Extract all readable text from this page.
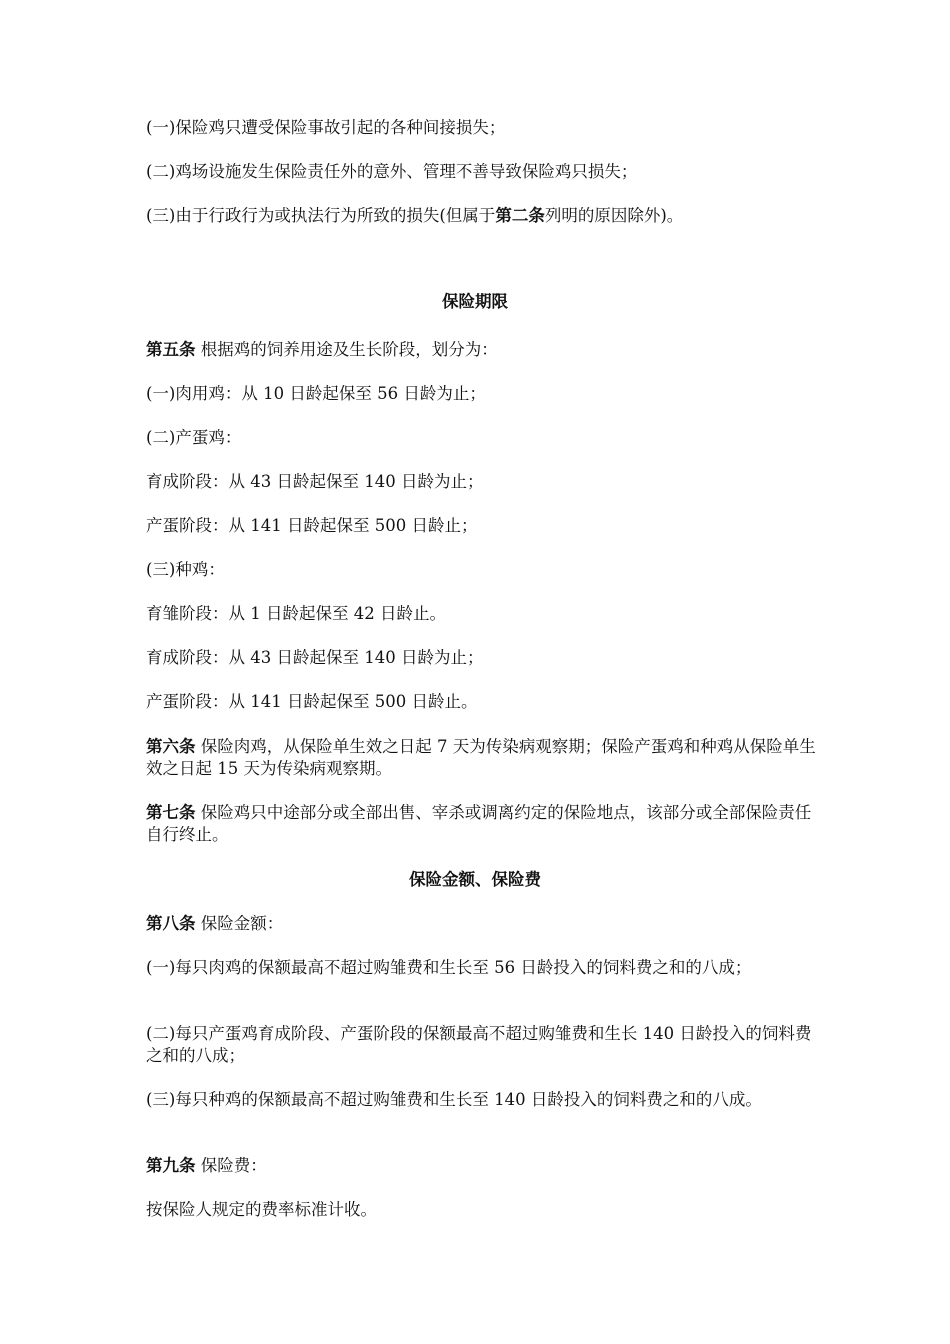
(一)保险鸡只遭受保险事故引起的各种间接损失；

(二)鸡场设施发生保险责任外的意外、管理不善导致保险鸡只损失；

(三)由于行政行为或执法行为所致的损失(但属于第二条列明的原因除外)。

保险期限

第五条 根据鸡的饲养用途及生长阶段，划分为：

(一)肉用鸡：从 10 日龄起保至 56 日龄为止；

(二)产蛋鸡：

育成阶段：从 43 日龄起保至 140 日龄为止；

产蛋阶段：从 141 日龄起保至 500 日龄止；

(三)种鸡：

育雏阶段：从 1 日龄起保至 42 日龄止。

育成阶段：从 43 日龄起保至 140 日龄为止；

产蛋阶段：从 141 日龄起保至 500 日龄止。

第六条 保险肉鸡，从保险单生效之日起 7 天为传染病观察期；保险产蛋鸡和种鸡从保险单生效之日起 15 天为传染病观察期。

第七条 保险鸡只中途部分或全部出售、宰杀或调离约定的保险地点，该部分或全部保险责任自行终止。

保险金额、保险费

第八条 保险金额：

(一)每只肉鸡的保额最高不超过购雏费和生长至 56 日龄投入的饲料费之和的八成；

(二)每只产蛋鸡育成阶段、产蛋阶段的保额最高不超过购雏费和生长 140 日龄投入的饲料费之和的八成；

(三)每只种鸡的保额最高不超过购雏费和生长至 140 日龄投入的饲料费之和的八成。

第九条 保险费：

按保险人规定的费率标准计收。
